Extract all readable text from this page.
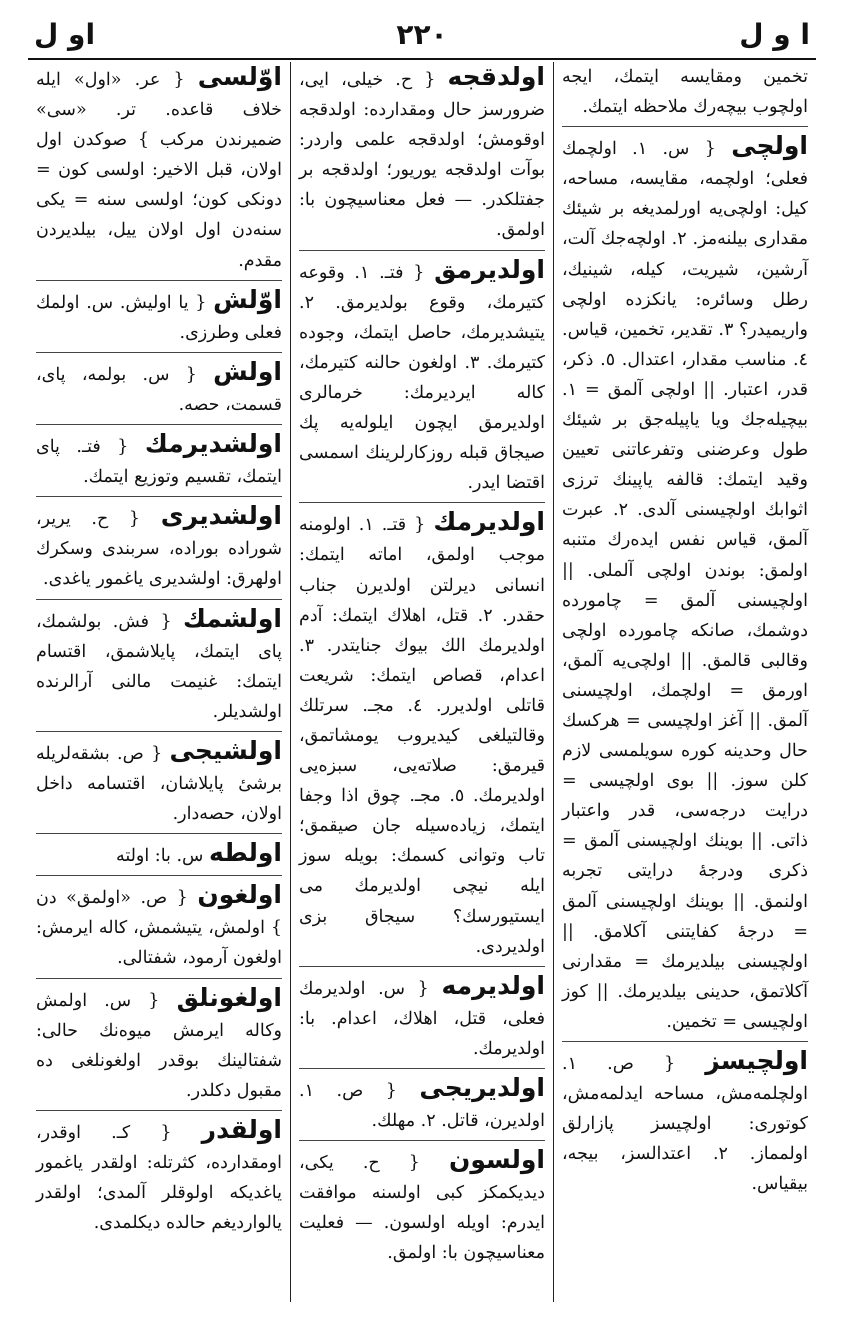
او ل	۲۲۰	ا و ل
تخمین ومقایسه ایتمك، ایجه اولچوب بیچەرك ملاحظه ایتمك.
اولچی { س. ۱. اولچمك فعلی؛ اولچمه، مقایسه، مساحه، کیل: اولچی‌یه اورلمدیغه بر شیئك مقداری بیلنه‌مز. ۲. اولچه‌جك آلت، آرشین، شیریت، کیله، شینیك، رطل وسائره: یانکزده اولچی واریمیدر؟ ۳. تقدیر، تخمین، قیاس. ٤. مناسب مقدار، اعتدال. ٥. ذکر، قدر، اعتبار. || اولچی آلمق = ۱. بیچیله‌جك ویا یاپیله‌جق بر شیئك طول وعرضنی وتفرعاتنی تعیین وقید ایتمك: قالفه یاپینك ترزی اثوابك اولچیسنی آلدی. ۲. عبرت آلمق، قیاس نفس ایده‌رك متنبه اولمق: بوندن اولچی آلملی. || اولچیسنی آلمق = چامورده دوشمك، صانكه چامورده اولچی وقالبی قالمق. || اولچی‌یه آلمق، اورمق = اولچمك، اولچیسنی آلمق. || آغز اولچیسی = هركسك حال وحدینه کوره سویلمسی لازم کلن سوز. || بوی اولچیسی = درایت درجه‌سی، قدر واعتبار ذاتی. || بوینك اولچیسنی آلمق = ذکری ودرجهٔ درایتی تجربه اولنمق. || بوینك اولچیسنی آلمق = درجهٔ کفایتنی آکلامق. || اولچیسنی بیلدیرمك = مقدارنی آکلاتمق، حدینی بیلدیرمك. || کوز اولچیسی = تخمین.
اولچیسز { ص. ۱. اولچلمه‌مش، مساحه ایدلمه‌مش، کوتوری: اولچیسز پازارلق اولمماز. ۲. اعتدالسز، بیجه، بیقیاس.
اولدقجه { ح. خیلی، ایی، ضرورسز حال ومقدارده: اولدقجه اوقومش؛ اولدقجه علمی واردر: بوآت اولدقجه یوریور؛ اولدقجه بر جفتلکدر. — فعل معناسیچون با: اولمق.
اولدیرمق { فتـ. ۱. وقوعه کتیرمك، وقوع بولدیرمق. ۲. یتیشدیرمك، حاصل ایتمك، وجوده کتیرمك. ۳. اولغون حالنه کتیرمك، کاله ایردیرمك: خرمالری اولدیرمق ایچون ایلوله‌یه پك صیجاق قبله روزکارلرینك اسمسی اقتضا ایدر.
اولدیرمك { قتـ. ۱. اولومنه موجب اولمق، اماته ایتمك: انسانی دیرلتن اولدیرن جناب حقدر. ۲. قتل، اهلاك ایتمك: آدم اولدیرمك الك بیوك جنایتدر. ۳. اعدام، قصاص ایتمك: شریعت قاتلی اولدیرر. ٤. مجـ. سرتلك وقالتیلغی کیدیروب یومشاتمق، قیرمق: صلاته‌یی، سبزه‌یی اولدیرمك. ٥. مجـ. چوق اذا وجفا ایتمك، زیاده‌سیله جان صیقمق؛ تاب وتوانی کسمك: بویله سوز ایله نیچی اولدیرمك می ایستیورسك؟ سیجاق بزی اولدیردی.
اولدیرمه { س. اولدیرمك فعلی، قتل، اهلاك، اعدام. با: اولدیرمك.
اولدیریجی { ص. ۱. اولدیرن، قاتل. ۲. مهلك.
اولسون { ح. یکی، دیدیکمکز کبی اولسنه موافقت ایدرم: اویله اولسون. — فعلیت معناسیچون با: اولمق.
اوّلسی { عر. «اول» ایله خلاف قاعده. تر. «سی» ضمیرندن مرکب } صوکدن اول اولان، قبل الاخیر: اولسی کون = دونکی کون؛ اولسی سنه = یکی سنه‌دن اول اولان ییل، بیلدیردن مقدم.
اوّلش { یا اولیش. س. اولمك فعلی وطرزی.
اولش { س. بولمه، پای، قسمت، حصه.
اولشدیرمك { فتـ. پای ایتمك، تقسیم وتوزیع ایتمك.
اولشدیری { ح. یریر، شورادە بورادە، سربندی وسکرك اولهرق: اولشدیری یاغمور یاغدی.
اولشمك { فش. بولشمك، پای ایتمك، پایلاشمق، اقتسام ایتمك: غنیمت مالنی آرالرنده اولشدیلر.
اولشیجی { ص. بشقه‌لریله برشی‌ٔ پایلاشان، اقتسامه داخل اولان، حصه‌دار.
اولطه س. با: اولته
اولغون { ص. «اولمق» دن } اولمش، یتیشمش، کاله ایرمش: اولغون آرمود، شفتالی.
اولغونلق { س. اولمش وکاله ایرمش میوه‌نك حالی: شفتالینك بوقدر اولغونلغی ده مقبول دکلدر.
اولقدر { کـ. اوقدر، اومقدارده، کثرتله: اولقدر یاغمور یاغدیکه اولوقلر آلمدی؛ اولقدر یالواردیغم حالده دیکلمدی.
